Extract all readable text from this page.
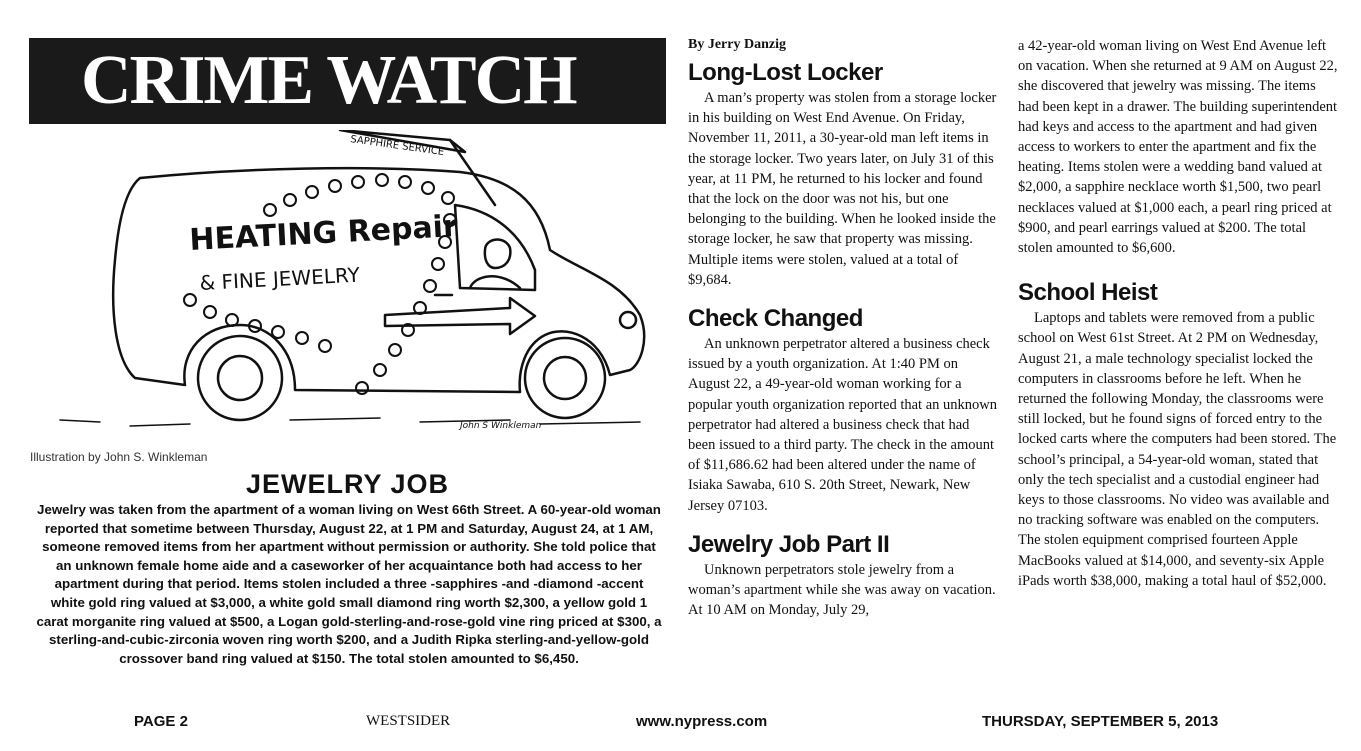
CRIME WATCH
SAPPHIRE SERVICE
HEATING Repair
& FINE JEWELRY
John S Winkleman
Illustration by John S. Winkleman
JEWELRY JOB
Jewelry was taken from the apartment of a woman living on West 66th Street. A 60-year-old woman reported that sometime between Thursday, August 22, at 1 PM and Saturday, August 24, at 1 AM, someone removed items from her apartment without permission or authority. She told police that an unknown female home aide and a caseworker of her acquaintance both had access to her apartment during that period. Items stolen included a three -sapphires -and -diamond -accent white gold ring valued at $3,000, a white gold small diamond ring worth $2,300, a yellow gold 1 carat morganite ring valued at $500, a Logan gold-sterling-and-rose-gold vine ring priced at $300, a sterling-and-cubic-zirconia woven ring worth $200, and a Judith Ripka sterling-and-yellow-gold crossover band ring valued at $150. The total stolen amounted to $6,450.

By Jerry Danzig

Long-Lost Locker

A man’s property was stolen from a storage locker in his building on West End Avenue. On Friday, November 11, 2011, a 30-year-old man left items in the storage locker. Two years later, on July 31 of this year, at 11 PM, he returned to his locker and found that the lock on the door was not his, but one belonging to the building. When he looked inside the storage locker, he saw that property was missing. Multiple items were stolen, valued at a total of $9,684.

Check Changed

An unknown perpetrator altered a business check issued by a youth organization. At 1:40 PM on August 22, a 49-year-old woman working for a popular youth organization reported that an unknown perpetrator had altered a business check that had been issued to a third party. The check in the amount of $11,686.62 had been altered under the name of Isiaka Sawaba, 610 S. 20th Street, Newark, New Jersey 07103.

Jewelry Job Part II

Unknown perpetrators stole jewelry from a woman’s apartment while she was away on vacation. At 10 AM on Monday, July 29,

a 42-year-old woman living on West End Avenue left on vacation. When she returned at 9 AM on August 22, she discovered that jewelry was missing. The items had been kept in a drawer. The building superintendent had keys and access to the apartment and had given access to workers to enter the apartment and fix the heating. Items stolen were a wedding band valued at $2,000, a sapphire necklace worth $1,500, two pearl necklaces valued at $1,000 each, a pearl ring priced at $900, and pearl earrings valued at $200. The total stolen amounted to $6,600.

School Heist

Laptops and tablets were removed from a public school on West 61st Street. At 2 PM on Wednesday, August 21, a male technology specialist locked the computers in classrooms before he left. When he returned the following Monday, the classrooms were still locked, but he found signs of forced entry to the locked carts where the computers had been stored. The school’s principal, a 54-year-old woman, stated that only the tech specialist and a custodial engineer had keys to those classrooms. No video was available and no tracking software was enabled on the computers. The stolen equipment comprised fourteen Apple MacBooks valued at $14,000, and seventy-six Apple iPads worth $38,000, making a total haul of $52,000.

PAGE 2	WESTSIDER	www.nypress.com	THURSDAY, SEPTEMBER 5, 2013
